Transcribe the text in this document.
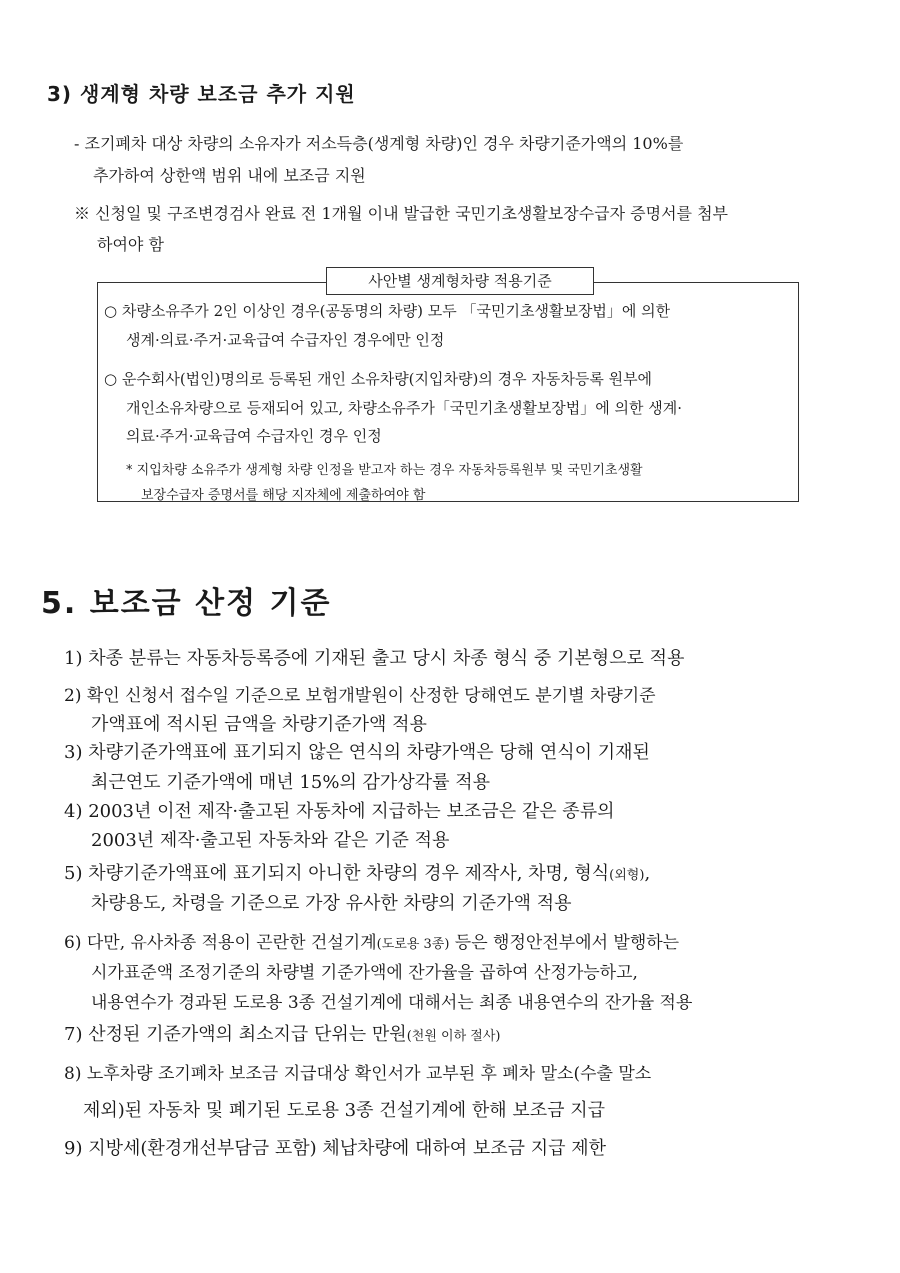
3) 생계형 차량 보조금 추가 지원
- 조기폐차 대상 차량의 소유자가 저소득층(생계형 차량)인 경우 차량기준가액의 10%를
추가하여 상한액 범위 내에 보조금 지원
※ 신청일 및 구조변경검사 완료 전 1개월 이내 발급한 국민기초생활보장수급자 증명서를 첨부
하여야 함
사안별 생계형차량 적용기준
○ 차량소유주가 2인 이상인 경우(공동명의 차량) 모두 「국민기초생활보장법」에 의한
생계·의료·주거·교육급여 수급자인 경우에만 인정
○ 운수회사(법인)명의로 등록된 개인 소유차량(지입차량)의 경우 자동차등록 원부에
개인소유차량으로 등재되어 있고, 차량소유주가「국민기초생활보장법」에 의한 생계·
의료·주거·교육급여 수급자인 경우 인정
* 지입차량 소유주가 생계형 차량 인정을 받고자 하는 경우 자동차등록원부 및 국민기초생활
보장수급자 증명서를 해당 지자체에 제출하여야 함
5. 보조금 산정 기준
1) 차종 분류는 자동차등록증에 기재된 출고 당시 차종 형식 중 기본형으로 적용
2) 확인 신청서 접수일 기준으로 보험개발원이 산정한 당해연도 분기별 차량기준
가액표에 적시된 금액을 차량기준가액 적용
3) 차량기준가액표에 표기되지 않은 연식의 차량가액은 당해 연식이 기재된
최근연도 기준가액에 매년 15%의 감가상각률 적용
4) 2003년 이전 제작·출고된 자동차에 지급하는 보조금은 같은 종류의
2003년 제작·출고된 자동차와 같은 기준 적용
5) 차량기준가액표에 표기되지 아니한 차량의 경우 제작사, 차명, 형식(외형),
차량용도, 차령을 기준으로 가장 유사한 차량의 기준가액 적용
6) 다만, 유사차종 적용이 곤란한 건설기계(도로용 3종) 등은 행정안전부에서 발행하는
시가표준액 조정기준의 차량별 기준가액에 잔가율을 곱하여 산정가능하고,
내용연수가 경과된 도로용 3종 건설기계에 대해서는 최종 내용연수의 잔가율 적용
7) 산정된 기준가액의 최소지급 단위는 만원(천원 이하 절사)
8) 노후차량 조기폐차 보조금 지급대상 확인서가 교부된 후 폐차 말소(수출 말소
제외)된 자동차 및 폐기된 도로용 3종 건설기계에 한해 보조금 지급
9) 지방세(환경개선부담금 포함) 체납차량에 대하여 보조금 지급 제한
